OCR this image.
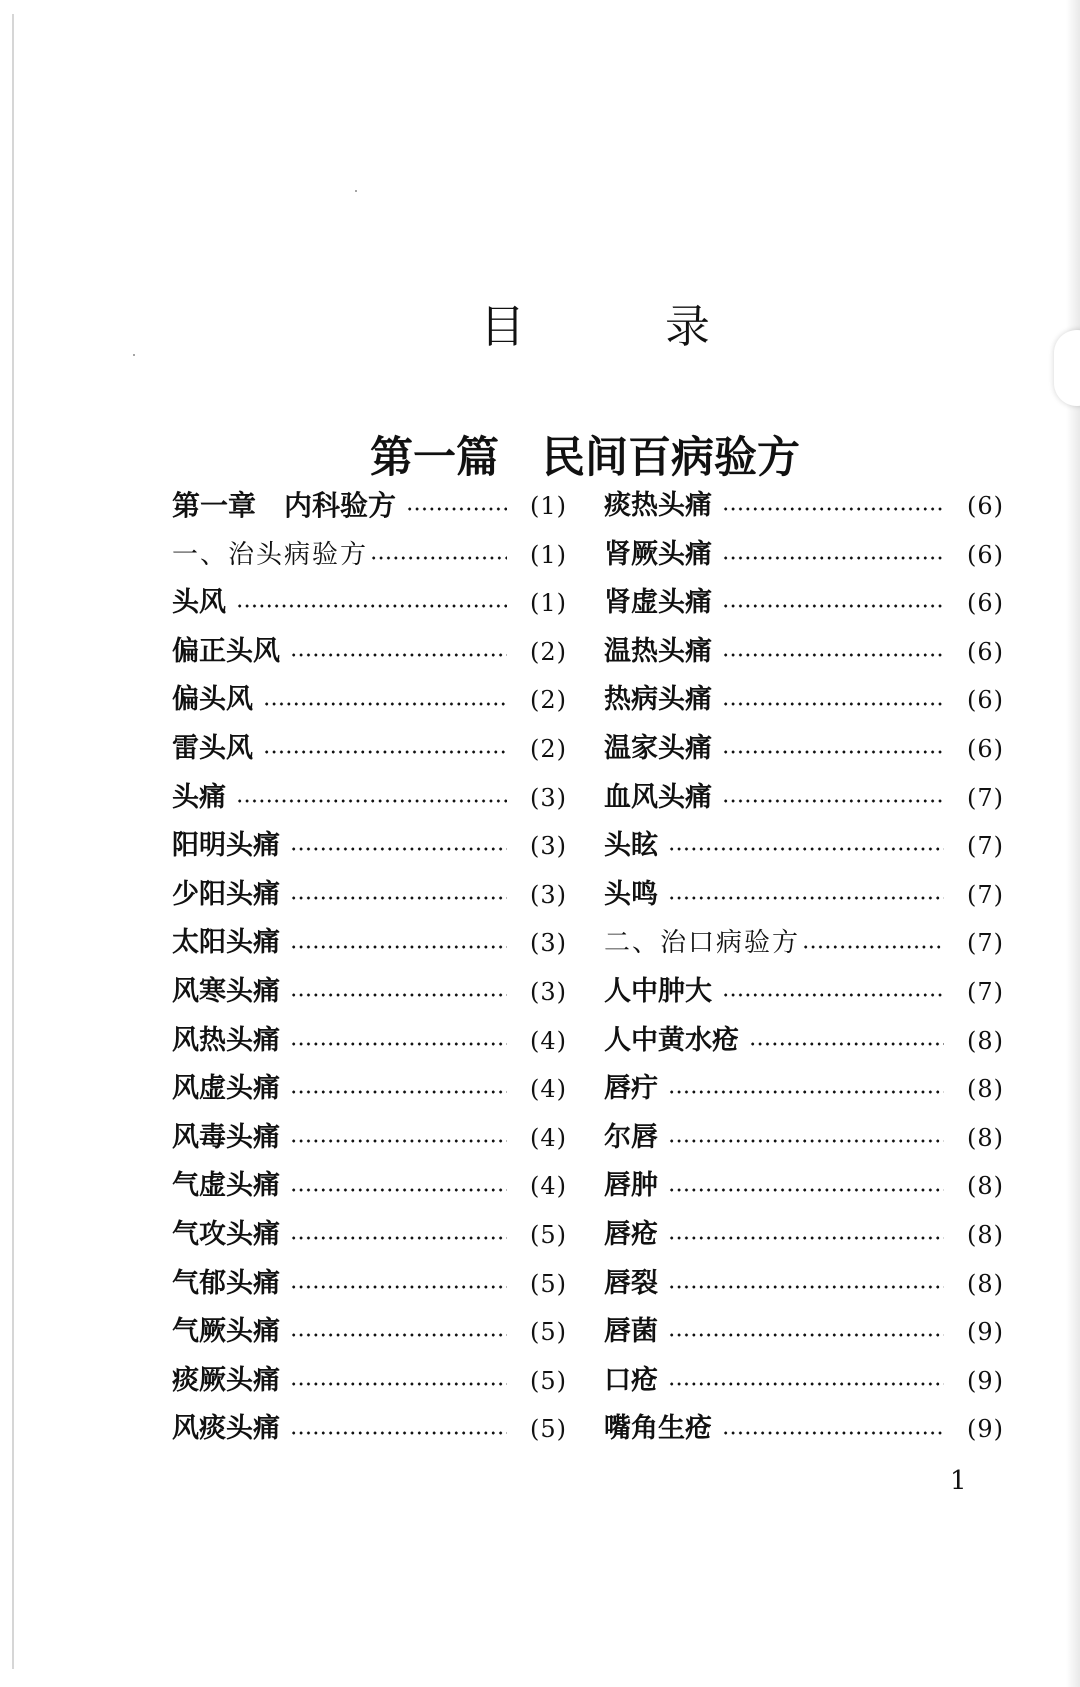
目	录
第一篇　民间百病验方
第一章　内科验方	(1)
一、治头病验方	(1)
头风	(1)
偏正头风	(2)
偏头风	(2)
雷头风	(2)
头痛	(3)
阳明头痛	(3)
少阳头痛	(3)
太阳头痛	(3)
风寒头痛	(3)
风热头痛	(4)
风虚头痛	(4)
风毒头痛	(4)
气虚头痛	(4)
气攻头痛	(5)
气郁头痛	(5)
气厥头痛	(5)
痰厥头痛	(5)
风痰头痛	(5)
痰热头痛	(6)
肾厥头痛	(6)
肾虚头痛	(6)
温热头痛	(6)
热病头痛	(6)
温家头痛	(6)
血风头痛	(7)
头眩	(7)
头鸣	(7)
二、治口病验方	(7)
人中肿大	(7)
人中黄水疮	(8)
唇疔	(8)
尔唇	(8)
唇肿	(8)
唇疮	(8)
唇裂	(8)
唇菌	(9)
口疮	(9)
嘴角生疮	(9)
1
